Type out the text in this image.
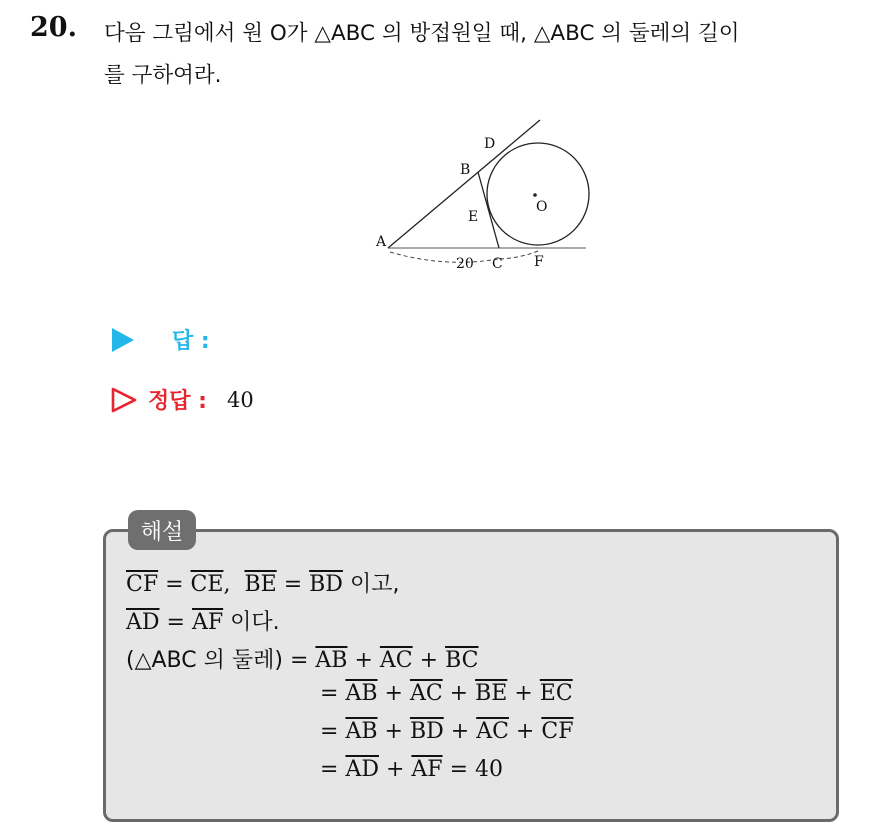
20. 다음 그림에서 원 O가 △ABC 의 방접원일 때, △ABC 의 둘레의 길이
를 구하여라.
A
B
D
E
O
C F
20
답 :
정답 : 40
해설
$\overline{CF} = \overline{CE}$, $\overline{BE} = \overline{BD}$ 이고,
$\overline{AD} = \overline{AF}$ 이다.
(△ABC 의 둘레) = $\overline{AB} + \overline{AC} + \overline{BC}$
= $\overline{AB} + \overline{AC} + \overline{BE} + \overline{EC}$
= $\overline{AB} + \overline{BD} + \overline{AC} + \overline{CF}$
= $\overline{AD} + \overline{AF} = 40$
